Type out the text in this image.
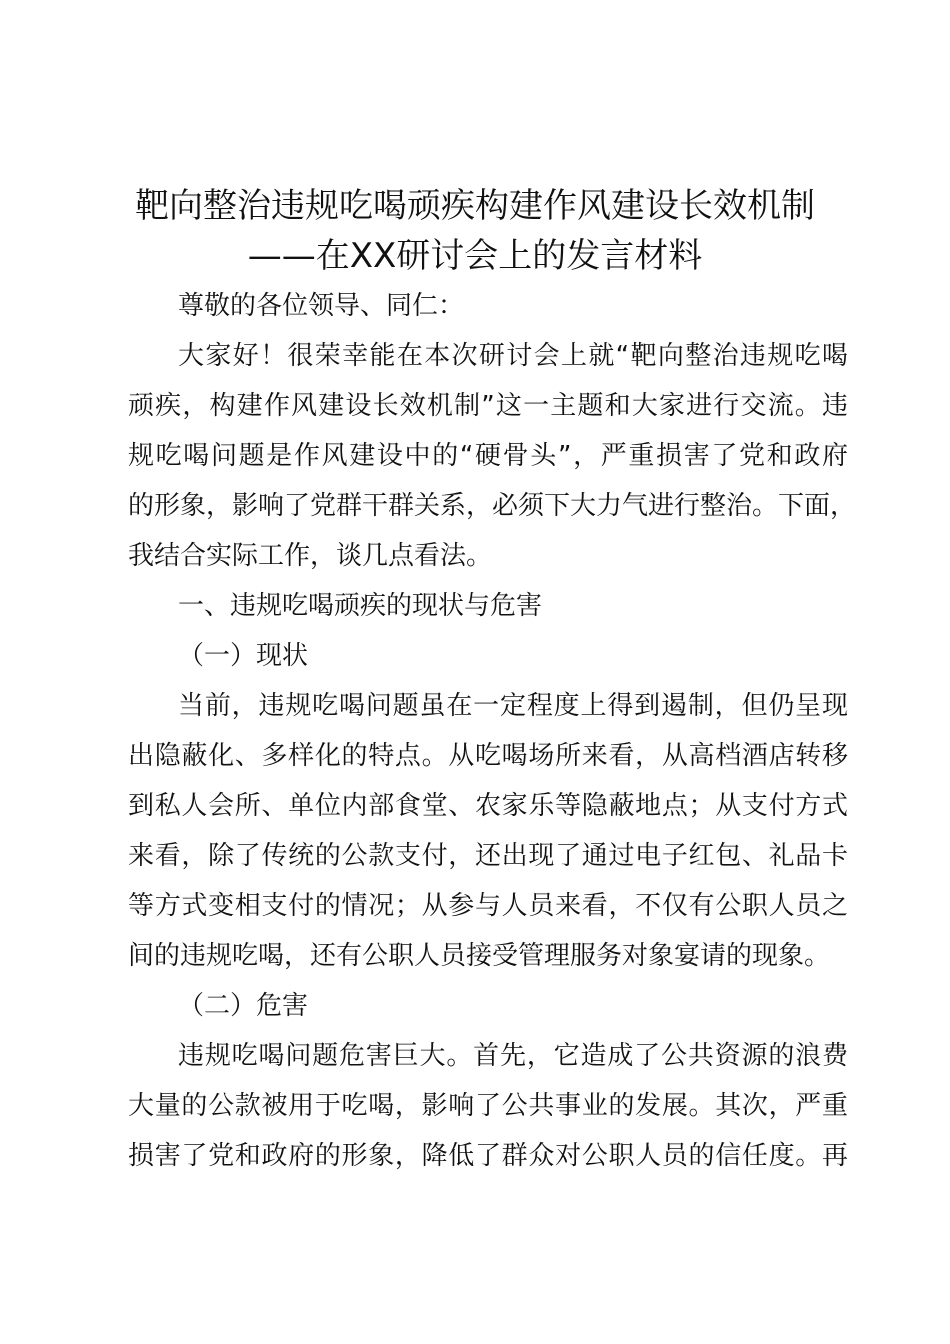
靶向整治违规吃喝顽疾构建作风建设长效机制
——在XX研讨会上的发言材料
尊敬的各位领导、同仁：
大家好！很荣幸能在本次研讨会上就“靶向整治违规吃喝
顽疾，构建作风建设长效机制”这一主题和大家进行交流。违
规吃喝问题是作风建设中的“硬骨头”，严重损害了党和政府
的形象，影响了党群干群关系，必须下大力气进行整治。下面，
我结合实际工作，谈几点看法。
一、违规吃喝顽疾的现状与危害
（一）现状
当前，违规吃喝问题虽在一定程度上得到遏制，但仍呈现
出隐蔽化、多样化的特点。从吃喝场所来看，从高档酒店转移
到私人会所、单位内部食堂、农家乐等隐蔽地点；从支付方式
来看，除了传统的公款支付，还出现了通过电子红包、礼品卡
等方式变相支付的情况；从参与人员来看，不仅有公职人员之
间的违规吃喝，还有公职人员接受管理服务对象宴请的现象。
（二）危害
违规吃喝问题危害巨大。首先，它造成了公共资源的浪费
大量的公款被用于吃喝，影响了公共事业的发展。其次，严重
损害了党和政府的形象，降低了群众对公职人员的信任度。再
